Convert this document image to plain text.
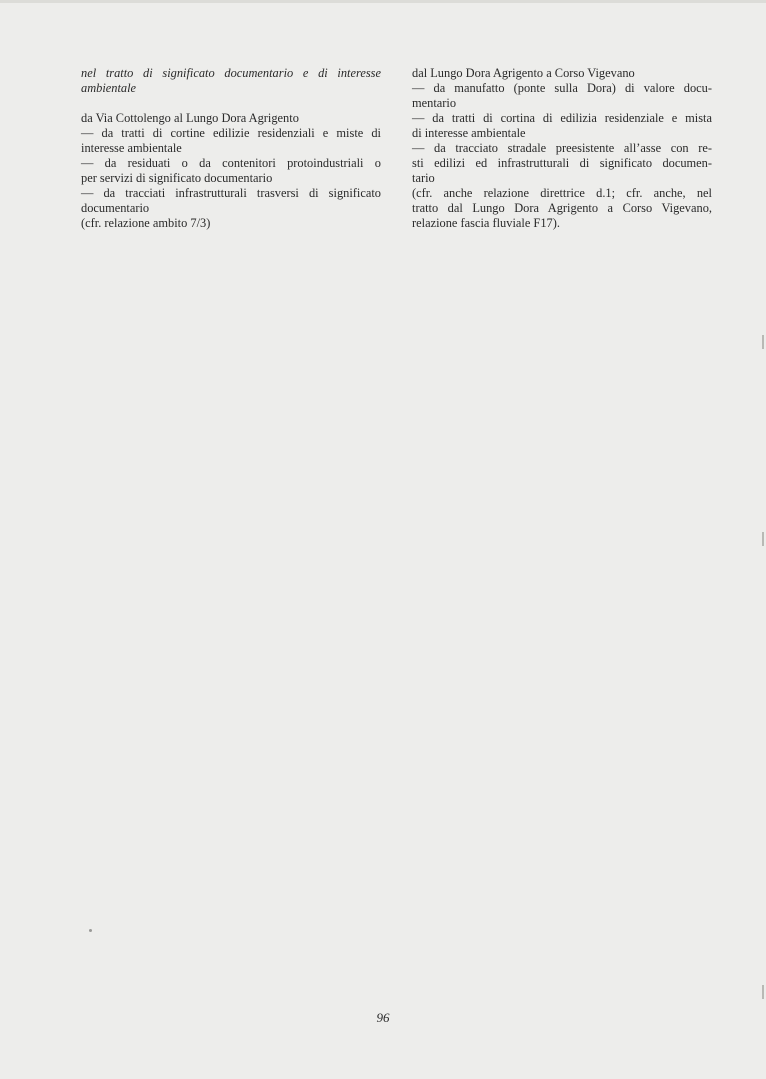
nel tratto di significato documentario e di interesse
ambientale
da Via Cottolengo al Lungo Dora Agrigento
— da tratti di cortine edilizie residenziali e miste di
interesse ambientale
— da residuati o da contenitori protoindustriali o
per servizi di significato documentario
— da tracciati infrastrutturali trasversi di significato
documentario
(cfr. relazione ambito 7/3)
dal Lungo Dora Agrigento a Corso Vigevano
— da manufatto (ponte sulla Dora) di valore docu-
mentario
— da tratti di cortina di edilizia residenziale e mista
di interesse ambientale
— da tracciato stradale preesistente all’asse con re-
sti edilizi ed infrastrutturali di significato documen-
tario
(cfr. anche relazione direttrice d.1; cfr. anche, nel
tratto dal Lungo Dora Agrigento a Corso Vigevano,
relazione fascia fluviale F17).
96
